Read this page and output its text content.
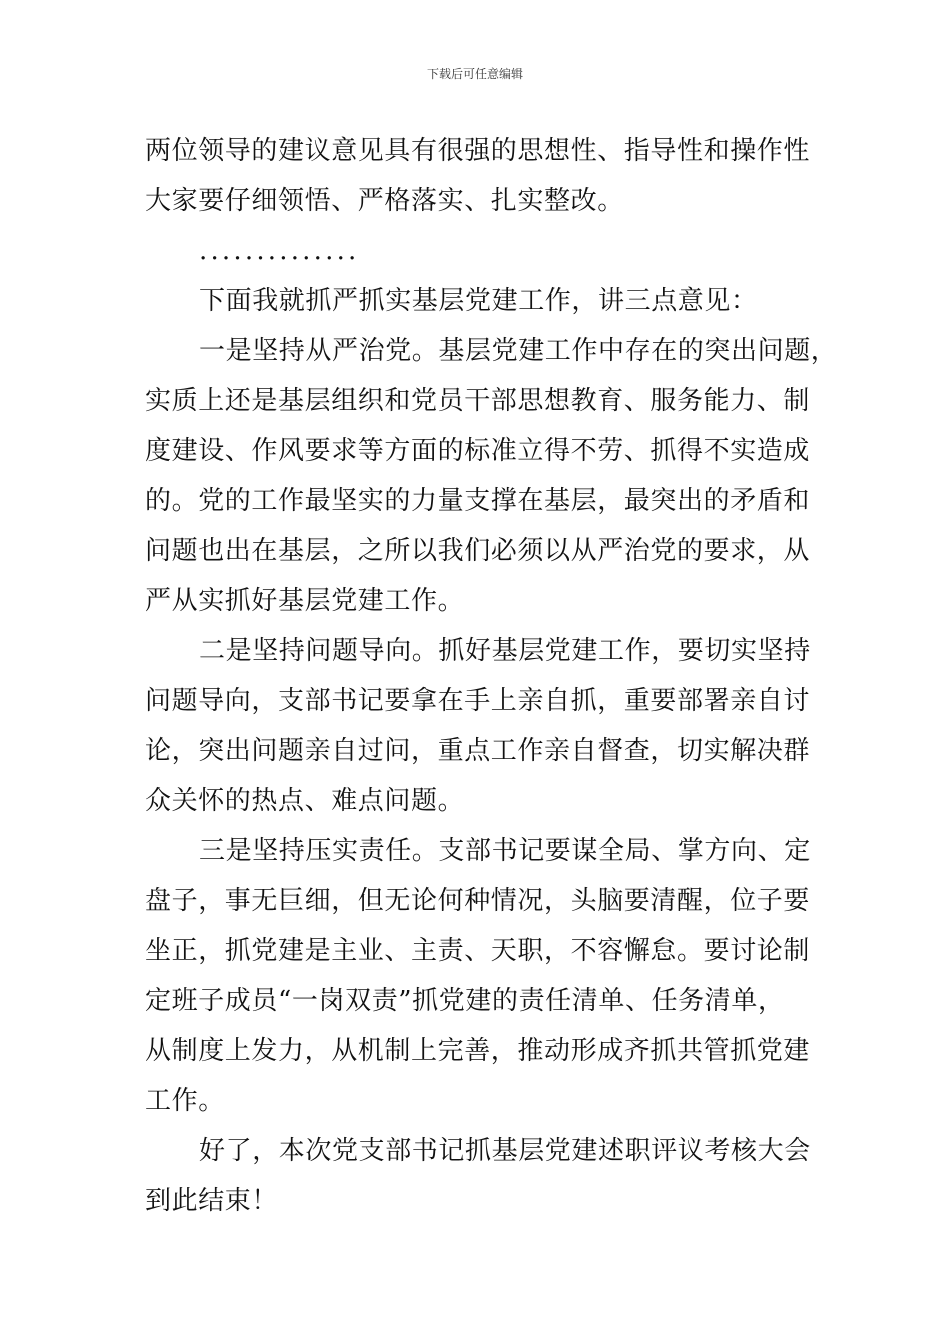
下载后可任意编辑
两位领导的建议意见具有很强的思想性、指导性和操作性
大家要仔细领悟、严格落实、扎实整改。
..............
下面我就抓严抓实基层党建工作，讲三点意见：
一是坚持从严治党。基层党建工作中存在的突出问题，
实质上还是基层组织和党员干部思想教育、服务能力、制
度建设、作风要求等方面的标准立得不劳、抓得不实造成
的。党的工作最坚实的力量支撑在基层，最突出的矛盾和
问题也出在基层，之所以我们必须以从严治党的要求，从
严从实抓好基层党建工作。
二是坚持问题导向。抓好基层党建工作，要切实坚持
问题导向，支部书记要拿在手上亲自抓，重要部署亲自讨
论，突出问题亲自过问，重点工作亲自督查，切实解决群
众关怀的热点、难点问题。
三是坚持压实责任。支部书记要谋全局、掌方向、定
盘子，事无巨细，但无论何种情况，头脑要清醒，位子要
坐正，抓党建是主业、主责、天职，不容懈怠。要讨论制
定班子成员“一岗双责”抓党建的责任清单、任务清单，
从制度上发力，从机制上完善，推动形成齐抓共管抓党建
工作。
好了，本次党支部书记抓基层党建述职评议考核大会
到此结束！
